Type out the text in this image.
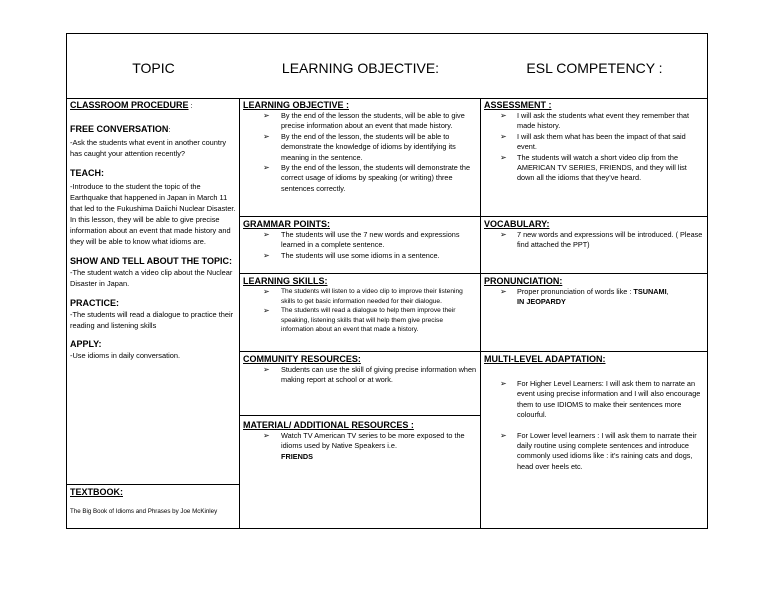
TOPIC	LEARNING OBJECTIVE:	ESL COMPETENCY :
CLASSROOM PROCEDURE :
FREE CONVERSATION:
-Ask the students what event in another country has caught your attention recently?
TEACH:
-Introduce to the student the topic of the Earthquake that happened in Japan in March 11 that led to the Fukushima Daiichi Nuclear Disaster. In this lesson, they will be able to give precise information about an event that made history and they will be able to know what idioms are.
SHOW AND TELL ABOUT THE TOPIC:
-The student watch a video clip about the Nuclear Disaster in Japan.
PRACTICE:
-The students will read a dialogue to practice their reading and listening skills
APPLY:
-Use idioms in daily conversation.
TEXTBOOK:
The Big Book of Idioms and Phrases by Joe McKinley
LEARNING OBJECTIVE :
➢ By the end of the lesson the students, will be able to give precise information about an event that made history.
➢ By the end of the lesson, the students will be able to demonstrate the knowledge of idioms by identifying its meaning in the sentence.
➢ By the end of the lesson, the students will demonstrate the correct usage of idioms by speaking (or writing) three sentences correctly.
GRAMMAR POINTS:
➢ The students will use the 7 new words and expressions learned in a complete sentence.
➢ The students will use some idioms in a sentence.
LEARNING SKILLS:
➢ The students will listen to a video clip to improve their listening skills to get basic information needed for their dialogue.
➢ The students will read a dialogue to help them improve their speaking, listening skills that will help them give precise information about an event that made a history.
COMMUNITY RESOURCES:
➢ Students can use the skill of giving precise information when making report at school or at work.
MATERIAL/ ADDITIONAL RESOURCES :
➢ Watch TV American TV series to be more exposed to the idioms used by Native Speakers i.e.
FRIENDS
ASSESSMENT :
➢ I will ask the students what event they remember that made history.
➢ I will ask them what has been the impact of that said event.
➢ The students will watch a short video clip from the AMERICAN TV SERIES, FRIENDS, and they will list down all the idioms that they’ve heard.
VOCABULARY:
➢ 7 new words and expressions will be introduced. ( Please find attached the PPT)
PRONUNCIATION:
➢ Proper pronunciation of words like : TSUNAMI,
IN JEOPARDY
MULTI-LEVEL ADAPTATION:
➢ For Higher Level Learners: I will ask them to narrate an event using precise information and I will also encourage them to use IDIOMS to make their sentences more colourful.
➢ For Lower level learners : I will ask them to narrate their daily routine using complete sentences and introduce commonly used idioms like : it’s raining cats and dogs, head over heels etc.
